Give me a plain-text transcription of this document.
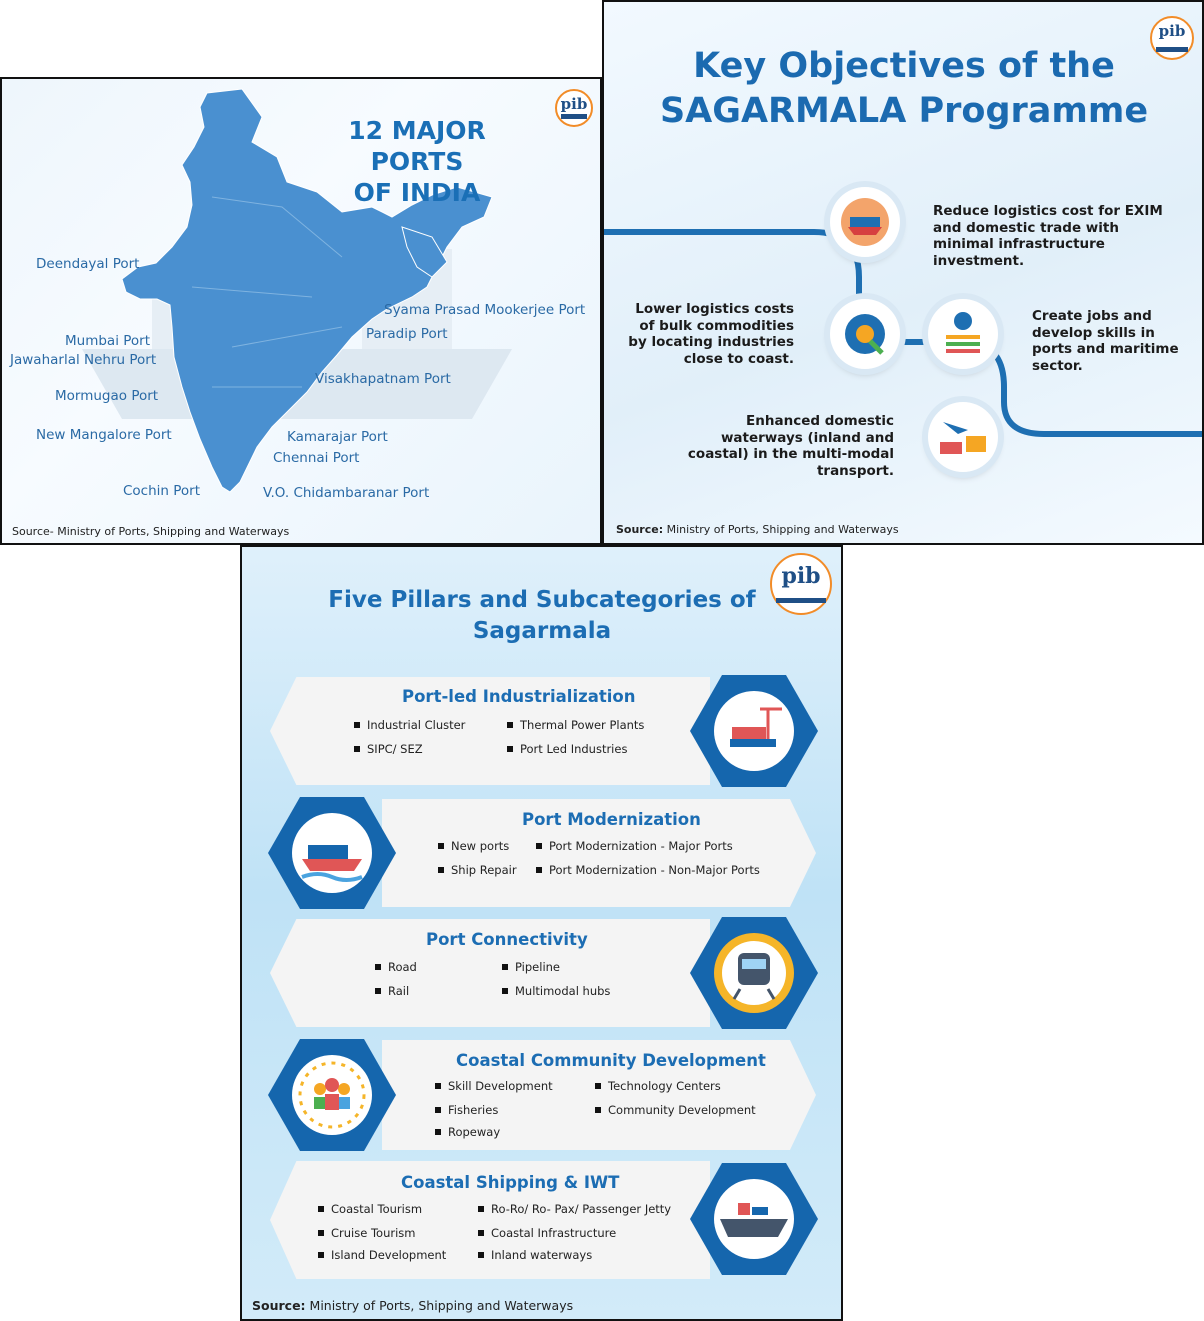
12 MAJOR PORTS
OF INDIA
pib
Deendayal Port
Syama Prasad Mookerjee Port
Paradip Port
Mumbai Port
Jawaharlal Nehru Port
Visakhapatnam Port
Mormugao Port
New Mangalore Port	Kamarajar Port
Chennai Port
Cochin Port	V.O. Chidambaranar Port
Source- Ministry of Ports, Shipping and Waterways
Key Objectives of the
SAGARMALA Programme
pib
Reduce logistics cost for EXIM and domestic trade with minimal infrastructure investment.
Lower logistics costs of bulk commodities by locating industries close to coast.
Create jobs and develop skills in ports and maritime sector.
Enhanced domestic waterways (inland and coastal) in the multi-modal transport.
Source: Ministry of Ports, Shipping and Waterways
Five Pillars and Subcategories of
Sagarmala
pib
Port-led Industrialization
Industrial Cluster	Thermal Power Plants
SIPC/ SEZ	Port Led Industries
Port Modernization
New ports	Port Modernization - Major Ports
Ship Repair	Port Modernization - Non-Major Ports
Port Connectivity
Road	Pipeline
Rail	Multimodal hubs
Coastal Community Development
Skill Development	Technology Centers
Fisheries	Community Development
Ropeway
Coastal Shipping & IWT
Coastal Tourism	Ro-Ro/ Ro- Pax/ Passenger Jetty
Cruise Tourism	Coastal Infrastructure
Island Development	Inland waterways
Source: Ministry of Ports, Shipping and Waterways
